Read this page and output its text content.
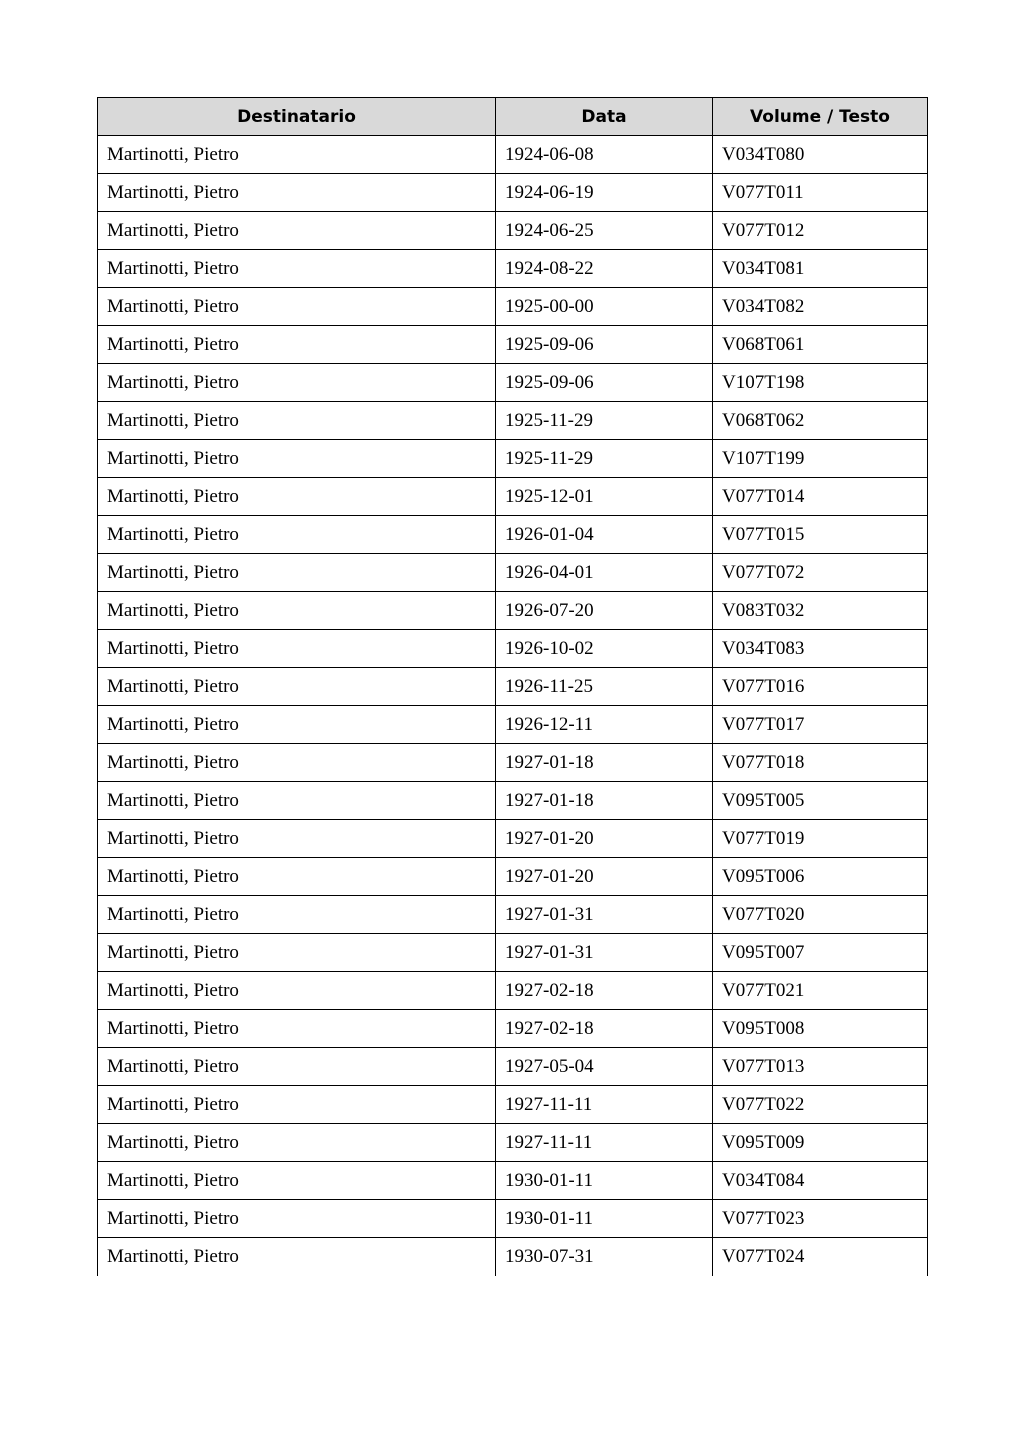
Destinatario	Data	Volume / Testo
Martinotti, Pietro	1924-06-08	V034T080
Martinotti, Pietro	1924-06-19	V077T011
Martinotti, Pietro	1924-06-25	V077T012
Martinotti, Pietro	1924-08-22	V034T081
Martinotti, Pietro	1925-00-00	V034T082
Martinotti, Pietro	1925-09-06	V068T061
Martinotti, Pietro	1925-09-06	V107T198
Martinotti, Pietro	1925-11-29	V068T062
Martinotti, Pietro	1925-11-29	V107T199
Martinotti, Pietro	1925-12-01	V077T014
Martinotti, Pietro	1926-01-04	V077T015
Martinotti, Pietro	1926-04-01	V077T072
Martinotti, Pietro	1926-07-20	V083T032
Martinotti, Pietro	1926-10-02	V034T083
Martinotti, Pietro	1926-11-25	V077T016
Martinotti, Pietro	1926-12-11	V077T017
Martinotti, Pietro	1927-01-18	V077T018
Martinotti, Pietro	1927-01-18	V095T005
Martinotti, Pietro	1927-01-20	V077T019
Martinotti, Pietro	1927-01-20	V095T006
Martinotti, Pietro	1927-01-31	V077T020
Martinotti, Pietro	1927-01-31	V095T007
Martinotti, Pietro	1927-02-18	V077T021
Martinotti, Pietro	1927-02-18	V095T008
Martinotti, Pietro	1927-05-04	V077T013
Martinotti, Pietro	1927-11-11	V077T022
Martinotti, Pietro	1927-11-11	V095T009
Martinotti, Pietro	1930-01-11	V034T084
Martinotti, Pietro	1930-01-11	V077T023
Martinotti, Pietro	1930-07-31	V077T024
